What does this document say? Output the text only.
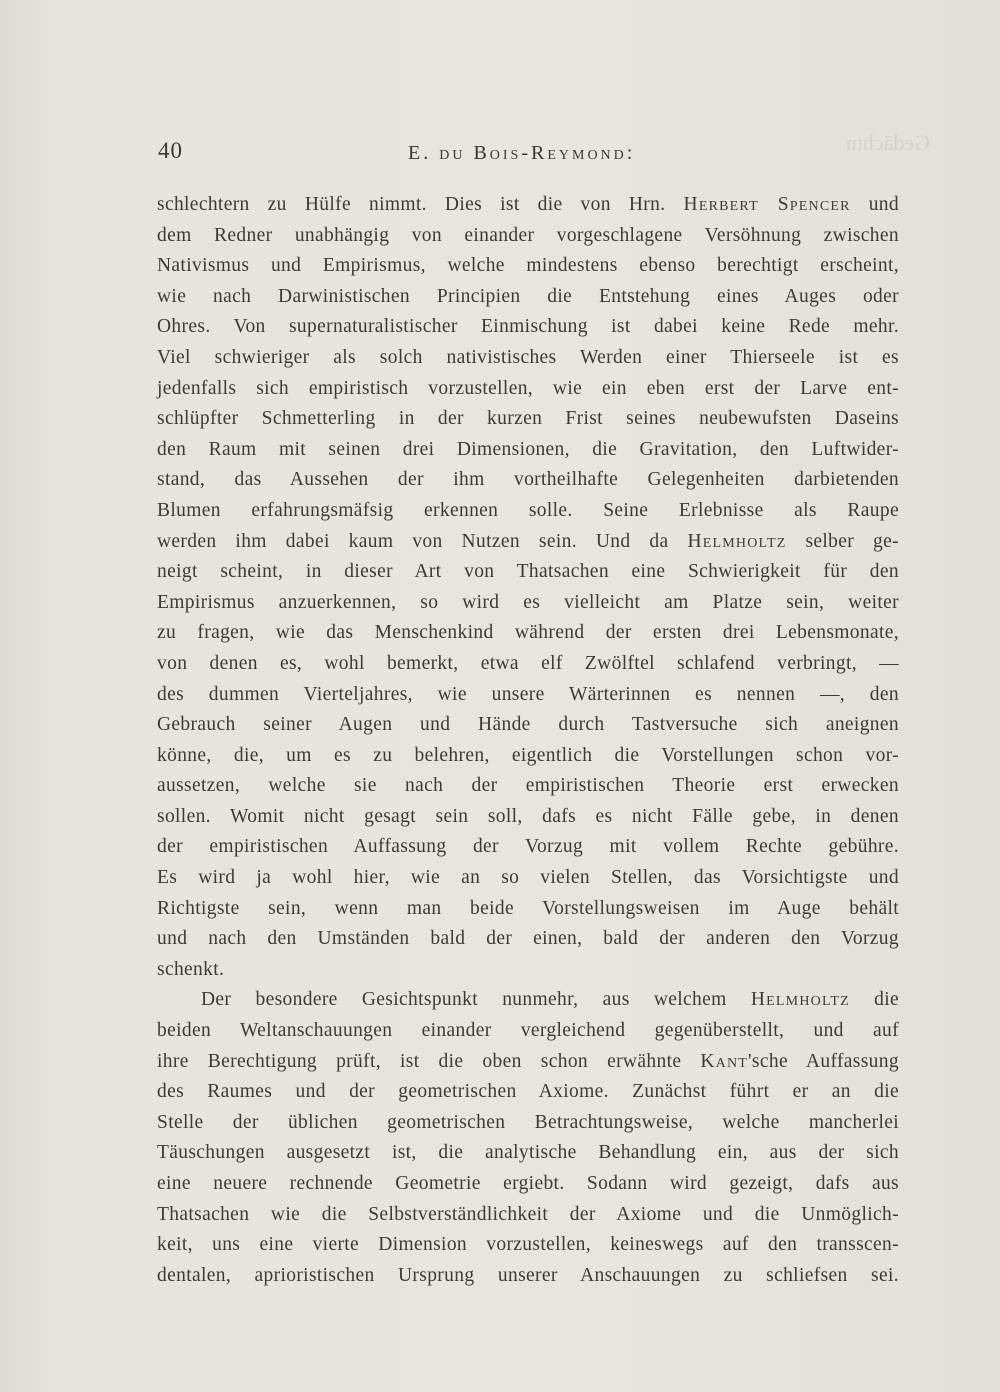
Gedächtn
40	E. du Bois-Reymond:
schlechtern zu Hülfe nimmt. Dies ist die von Hrn. Herbert Spencer und
dem Redner unabhängig von einander vorgeschlagene Versöhnung zwischen
Nativismus und Empirismus, welche mindestens ebenso berechtigt erscheint,
wie nach Darwinistischen Principien die Entstehung eines Auges oder
Ohres. Von supernaturalistischer Einmischung ist dabei keine Rede mehr.
Viel schwieriger als solch nativistisches Werden einer Thierseele ist es
jedenfalls sich empiristisch vorzustellen, wie ein eben erst der Larve ent-
schlüpfter Schmetterling in der kurzen Frist seines neubewufsten Daseins
den Raum mit seinen drei Dimensionen, die Gravitation, den Luftwider-
stand, das Aussehen der ihm vortheilhafte Gelegenheiten darbietenden
Blumen erfahrungsmäfsig erkennen solle. Seine Erlebnisse als Raupe
werden ihm dabei kaum von Nutzen sein. Und da Helmholtz selber ge-
neigt scheint, in dieser Art von Thatsachen eine Schwierigkeit für den
Empirismus anzuerkennen, so wird es vielleicht am Platze sein, weiter
zu fragen, wie das Menschenkind während der ersten drei Lebensmonate,
von denen es, wohl bemerkt, etwa elf Zwölftel schlafend verbringt, —
des dummen Vierteljahres, wie unsere Wärterinnen es nennen —, den
Gebrauch seiner Augen und Hände durch Tastversuche sich aneignen
könne, die, um es zu belehren, eigentlich die Vorstellungen schon vor-
aussetzen, welche sie nach der empiristischen Theorie erst erwecken
sollen. Womit nicht gesagt sein soll, dafs es nicht Fälle gebe, in denen
der empiristischen Auffassung der Vorzug mit vollem Rechte gebühre.
Es wird ja wohl hier, wie an so vielen Stellen, das Vorsichtigste und
Richtigste sein, wenn man beide Vorstellungsweisen im Auge behält
und nach den Umständen bald der einen, bald der anderen den Vorzug
schenkt.
Der besondere Gesichtspunkt nunmehr, aus welchem Helmholtz die
beiden Weltanschauungen einander vergleichend gegenüberstellt, und auf
ihre Berechtigung prüft, ist die oben schon erwähnte Kant'sche Auffassung
des Raumes und der geometrischen Axiome. Zunächst führt er an die
Stelle der üblichen geometrischen Betrachtungsweise, welche mancherlei
Täuschungen ausgesetzt ist, die analytische Behandlung ein, aus der sich
eine neuere rechnende Geometrie ergiebt. Sodann wird gezeigt, dafs aus
Thatsachen wie die Selbstverständlichkeit der Axiome und die Unmöglich-
keit, uns eine vierte Dimension vorzustellen, keineswegs auf den transscen-
dentalen, aprioristischen Ursprung unserer Anschauungen zu schliefsen sei.
